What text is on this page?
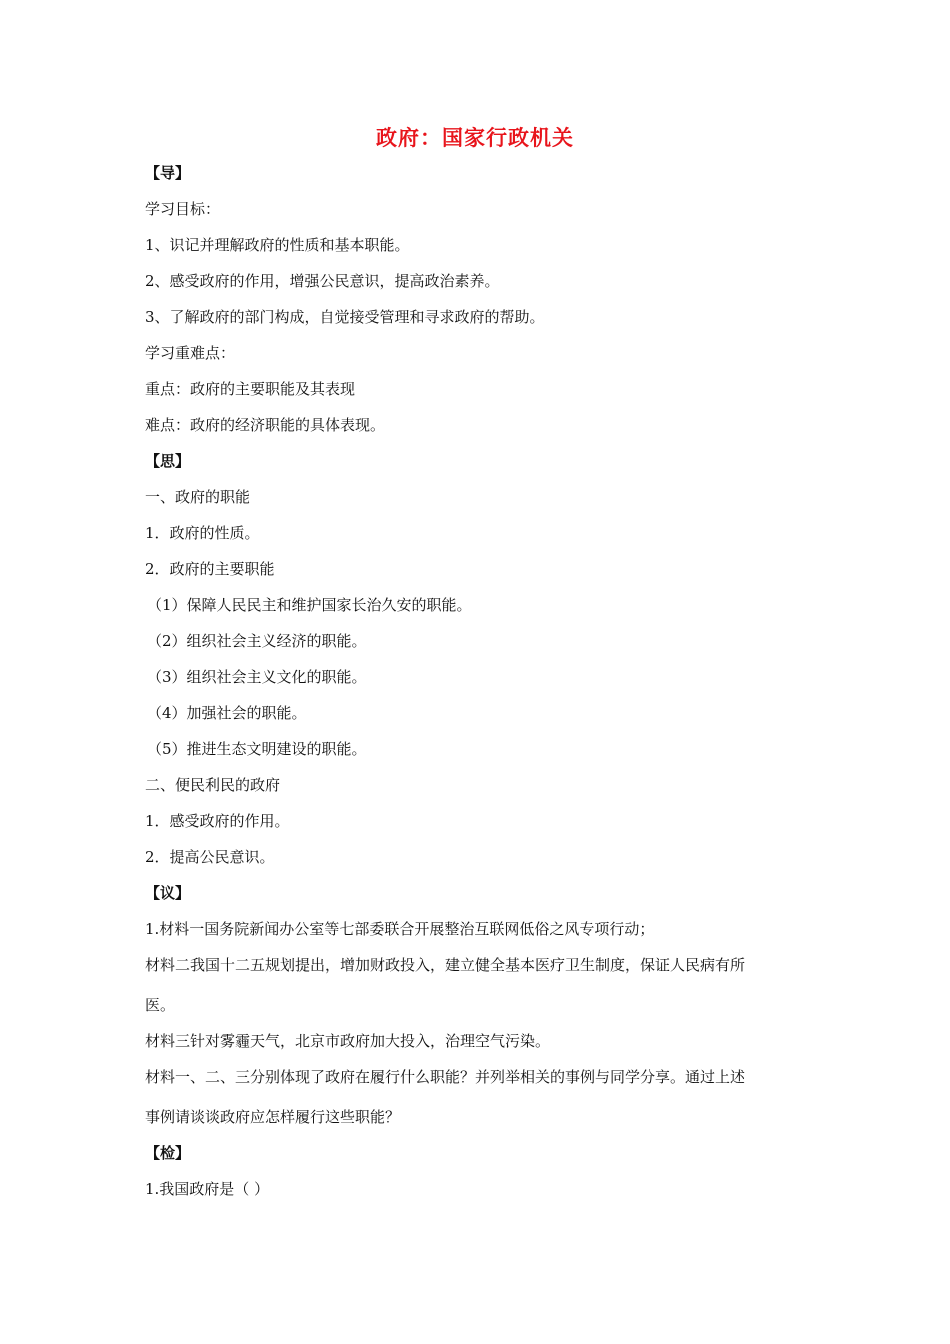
政府：国家行政机关
【导】
学习目标：
1、识记并理解政府的性质和基本职能。
2、感受政府的作用，增强公民意识，提高政治素养。
3、了解政府的部门构成，自觉接受管理和寻求政府的帮助。
学习重难点：
重点：政府的主要职能及其表现
难点：政府的经济职能的具体表现。
【思】
一、政府的职能
1．政府的性质。
2．政府的主要职能
（1）保障人民民主和维护国家长治久安的职能。
（2）组织社会主义经济的职能。
（3）组织社会主义文化的职能。
（4）加强社会的职能。
（5）推进生态文明建设的职能。
二、便民利民的政府
1．感受政府的作用。
2．提高公民意识。
【议】
1.材料一国务院新闻办公室等七部委联合开展整治互联网低俗之风专项行动；
材料二我国十二五规划提出，增加财政投入，建立健全基本医疗卫生制度，保证人民病有所
医。
材料三针对雾霾天气，北京市政府加大投入，治理空气污染。
材料一、二、三分别体现了政府在履行什么职能？并列举相关的事例与同学分享。通过上述
事例请谈谈政府应怎样履行这些职能？
【检】
1.我国政府是（ ）
